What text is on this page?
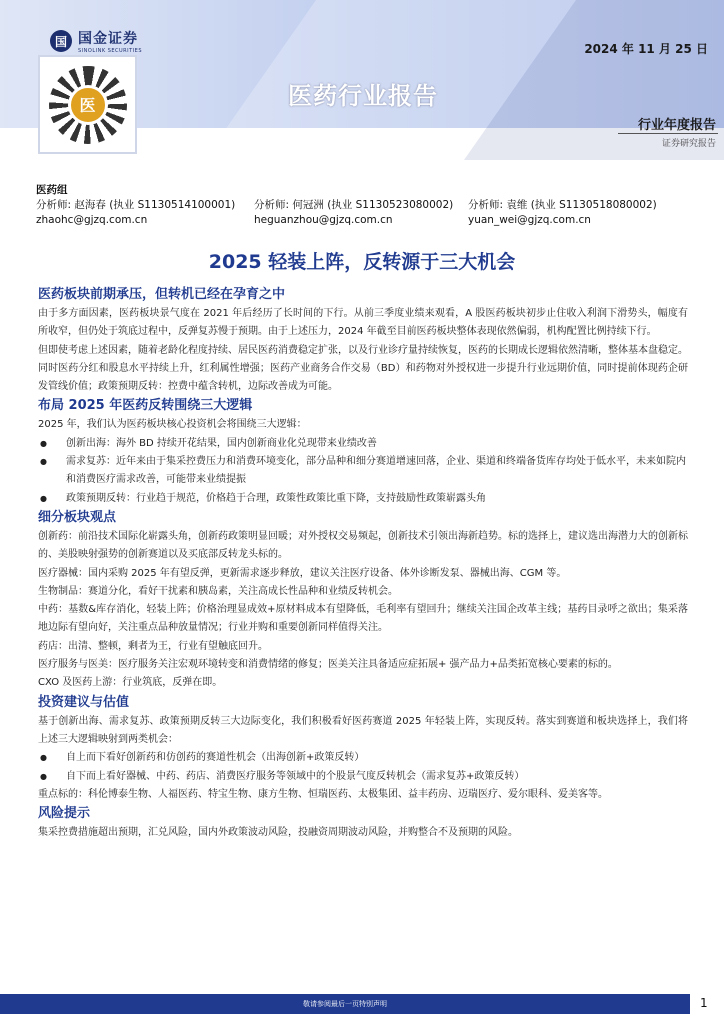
国 国金证券
SINOLINK SECURITIES	2024 年 11 月 25 日
医药行业报告
医
行业年度报告
证券研究报告
医药组
分析师: 赵海春 (执业 S1130514100001)	分析师: 何冠洲 (执业 S1130523080002)	分析师: 袁维 (执业 S1130518080002)
zhaohc@gjzq.com.cn	heguanzhou@gjzq.com.cn	yuan_wei@gjzq.com.cn
2025 轻装上阵，反转源于三大机会
医药板块前期承压，但转机已经在孕育之中

由于多方面因素，医药板块景气度在 2021 年后经历了长时间的下行。从前三季度业绩来观看，A 股医药板块初步止住收入利润下滑势头，幅度有所收窄，但仍处于筑底过程中，反弹复苏慢于预期。由于上述压力，2024 年截至目前医药板块整体表现依然偏弱，机构配置比例持续下行。

但即使考虑上述因素，随着老龄化程度持续、居民医药消费稳定扩张，以及行业诊疗量持续恢复，医药的长期成长逻辑依然清晰，整体基本盘稳定。同时医药分红和股息水平持续上升，红利属性增强；医药产业商务合作交易（BD）和药物对外授权进一步提升行业远期价值，同时提前体现药企研发管线价值；政策预期反转：控费中蕴含转机，边际改善成为可能。

布局 2025 年医药反转围绕三大逻辑

2025 年，我们认为医药板块核心投资机会将围绕三大逻辑：

● 创新出海：海外 BD 持续开花结果，国内创新商业化兑现带来业绩改善
● 需求复苏：近年来由于集采控费压力和消费环境变化，部分品种和细分赛道增速回落，企业、渠道和终端备货库存均处于低水平，未来如院内和消费医疗需求改善，可能带来业绩提振
● 政策预期反转：行业趋于规范，价格趋于合理，政策性政策比重下降，支持鼓励性政策崭露头角
细分板块观点

创新药：前沿技术国际化崭露头角，创新药政策明显回暖；对外授权交易频起，创新技术引领出海新趋势。标的选择上，建议选出海潜力大的创新标的、美股映射强势的创新赛道以及买底部反转龙头标的。

医疗器械：国内采购 2025 年有望反弹，更新需求逐步释放，建议关注医疗设备、体外诊断发泵、器械出海、CGM 等。

生物制品：赛道分化，看好干扰素和胰岛素，关注高成长性品种和业绩反转机会。

中药：基数&库存消化，轻装上阵；价格治理显成效+原材料成本有望降低，毛利率有望回升；继续关注国企改革主线；基药目录呼之欲出；集采落地边际有望向好，关注重点品种放量情况；行业并购和重要创新同样值得关注。

药店：出清、整顿，剩者为王，行业有望触底回升。

医疗服务与医美：医疗服务关注宏观环境转变和消费情绪的修复；医美关注具备适应症拓展+ 强产品力+品类拓宽核心要素的标的。

CXO 及医药上游：行业筑底，反弹在即。

投资建议与估值

基于创新出海、需求复苏、政策预期反转三大边际变化，我们积极看好医药赛道 2025 年轻装上阵，实现反转。落实到赛道和板块选择上，我们将上述三大逻辑映射到两类机会：

● 自上而下看好创新药和仿创药的赛道性机会（出海创新+政策反转）
● 自下而上看好器械、中药、药店、消费医疗服务等领域中的个股景气度反转机会（需求复苏+政策反转）

重点标的：科伦博泰生物、人福医药、特宝生物、康方生物、恒瑞医药、太极集团、益丰药房、迈瑞医疗、爱尔眼科、爱美客等。

风险提示

集采控费措施超出预期，汇兑风险，国内外政策波动风险，投融资周期波动风险，并购整合不及预期的风险。

敬请参阅最后一页特别声明	1
